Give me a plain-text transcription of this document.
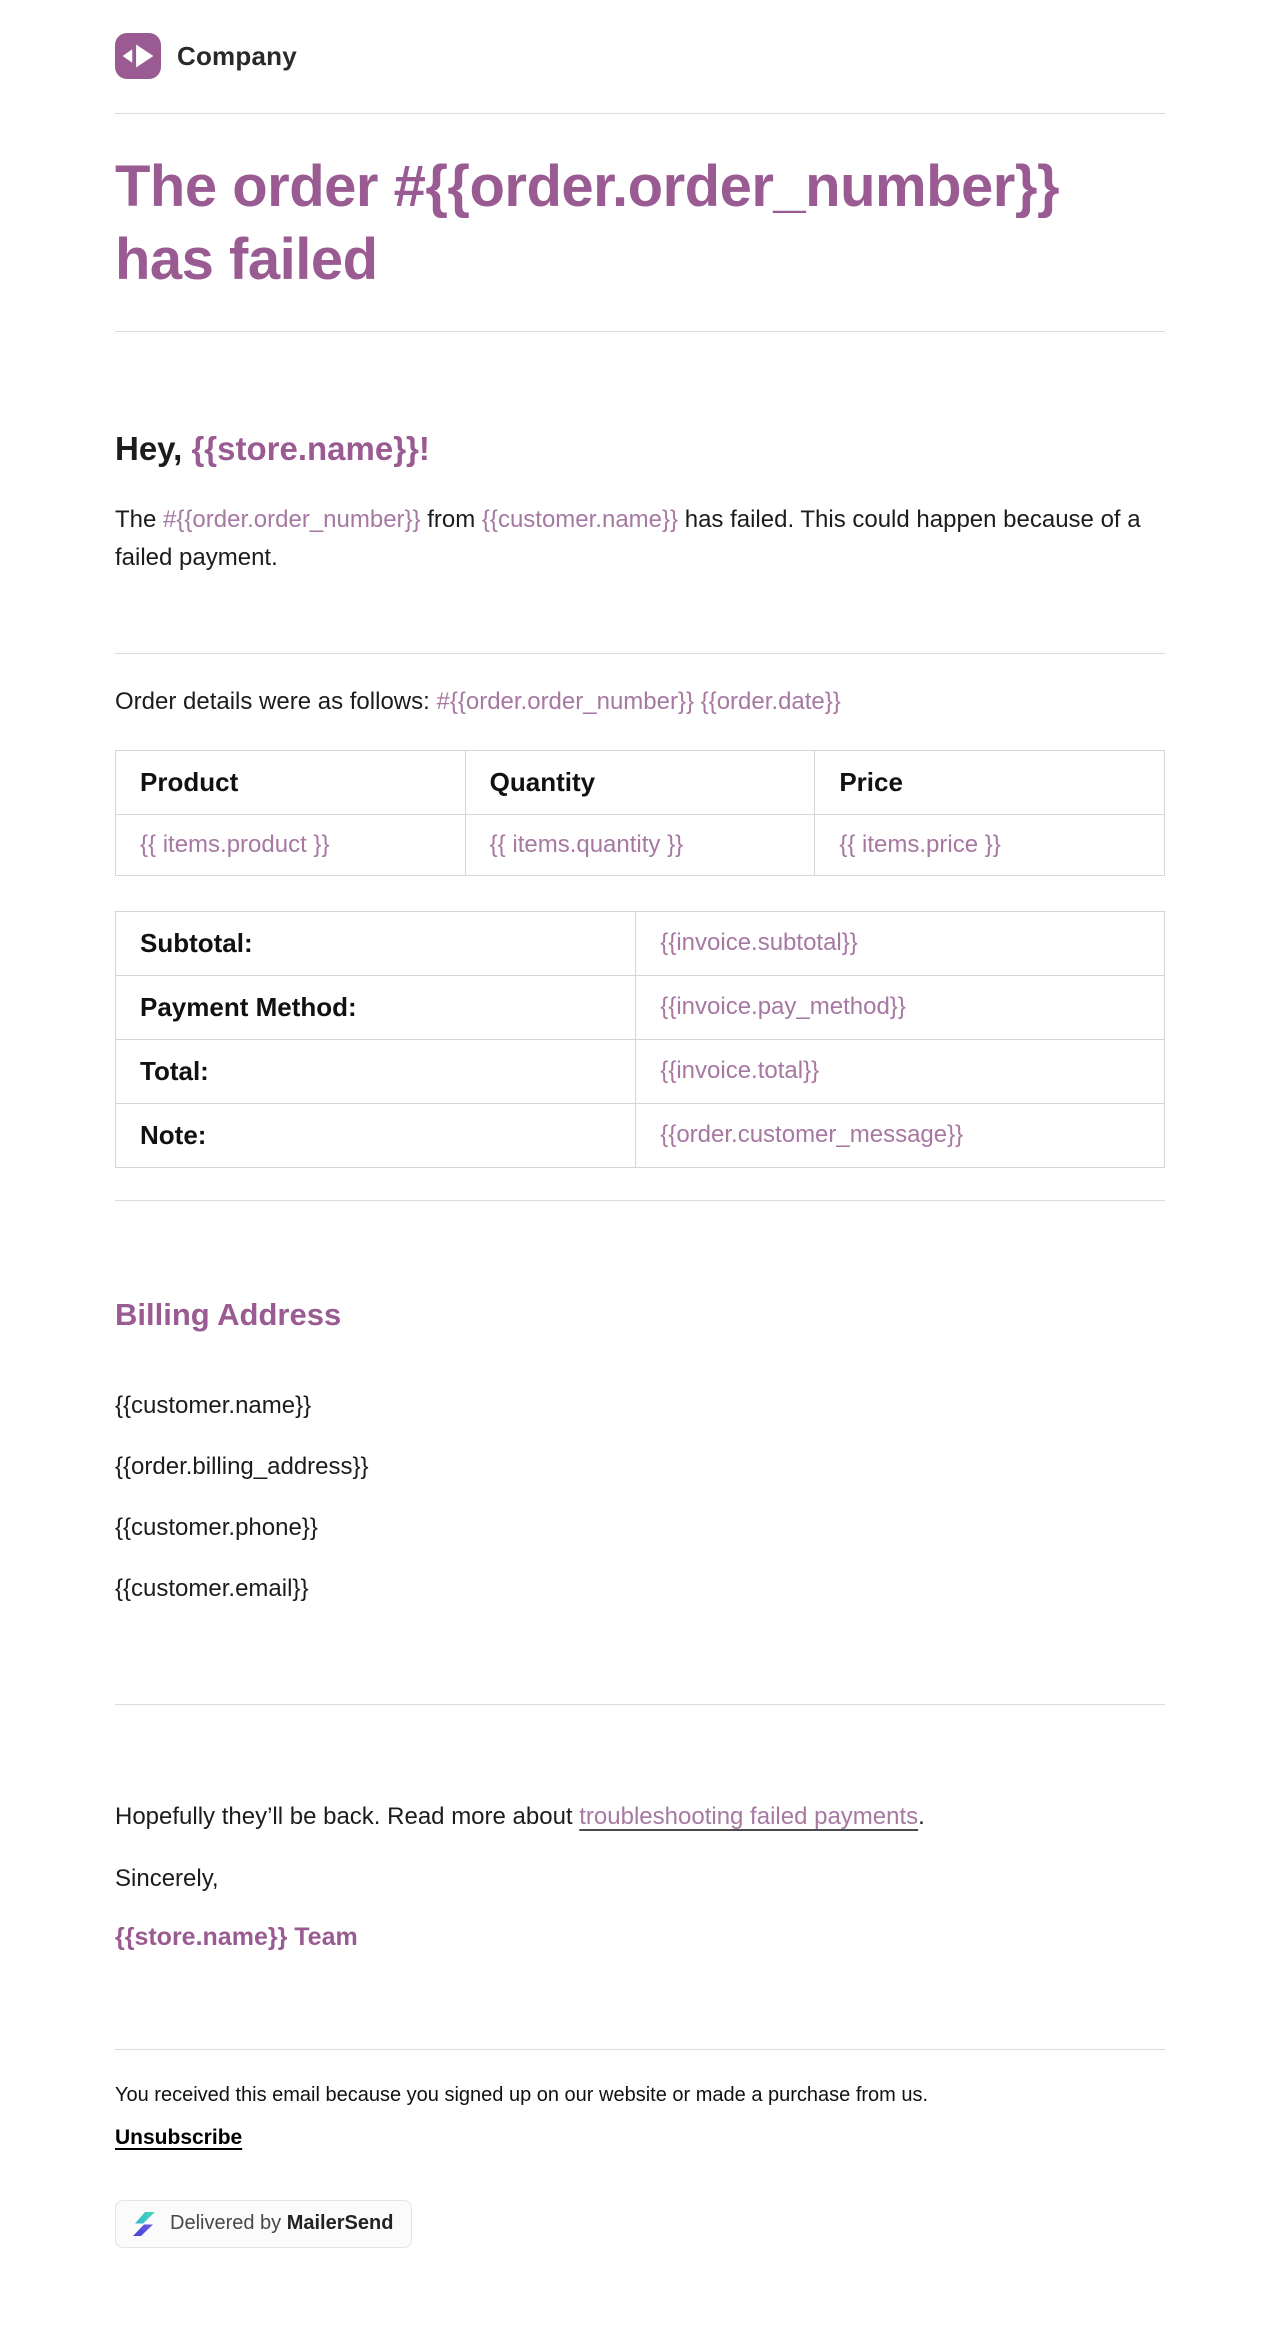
Company
The order #{{order.order_number}}
has failed
Hey, {{store.name}}!

The #{{order.order_number}} from {{customer.name}} has failed. This could happen because of a failed payment.

Order details were as follows: #{{order.order_number}} {{order.date}}

Product	Quantity	Price
{{ items.product }}	{{ items.quantity }}	{{ items.price }}
Subtotal:	{{invoice.subtotal}}
Payment Method:	{{invoice.pay_method}}
Total:	{{invoice.total}}
Note:	{{order.customer_message}}
Billing Address

{{customer.name}}

{{order.billing_address}}

{{customer.phone}}

{{customer.email}}

Hopefully they’ll be back. Read more about troubleshooting failed payments.

Sincerely,

{{store.name}} Team

You received this email because you signed up on our website or made a purchase from us.

Unsubscribe

Delivered by MailerSend
